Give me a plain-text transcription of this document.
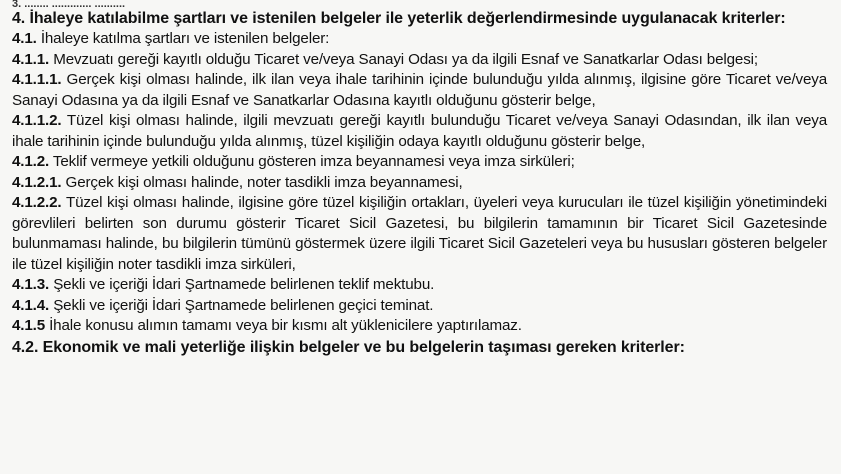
3. ........ ............. ..........
4. İhaleye katılabilme şartları ve istenilen belgeler ile yeterlik değerlendirmesinde uygulanacak kriterler:
4.1. İhaleye katılma şartları ve istenilen belgeler:
4.1.1. Mevzuatı gereği kayıtlı olduğu Ticaret ve/veya Sanayi Odası ya da ilgili Esnaf ve Sanatkarlar Odası belgesi;
4.1.1.1. Gerçek kişi olması halinde, ilk ilan veya ihale tarihinin içinde bulunduğu yılda alınmış, ilgisine göre Ticaret ve/veya Sanayi Odasına ya da ilgili Esnaf ve Sanatkarlar Odasına kayıtlı olduğunu gösterir belge,
4.1.1.2. Tüzel kişi olması halinde, ilgili mevzuatı gereği kayıtlı bulunduğu Ticaret ve/veya Sanayi Odasından, ilk ilan veya ihale tarihinin içinde bulunduğu yılda alınmış, tüzel kişiliğin odaya kayıtlı olduğunu gösterir belge,
4.1.2. Teklif vermeye yetkili olduğunu gösteren imza beyannamesi veya imza sirküleri;
4.1.2.1. Gerçek kişi olması halinde, noter tasdikli imza beyannamesi,
4.1.2.2. Tüzel kişi olması halinde, ilgisine göre tüzel kişiliğin ortakları, üyeleri veya kurucuları ile tüzel kişiliğin yönetimindeki görevlileri belirten son durumu gösterir Ticaret Sicil Gazetesi, bu bilgilerin tamamının bir Ticaret Sicil Gazetesinde bulunmaması halinde, bu bilgilerin tümünü göstermek üzere ilgili Ticaret Sicil Gazeteleri veya bu hususları gösteren belgeler ile tüzel kişiliğin noter tasdikli imza sirküleri,
4.1.3. Şekli ve içeriği İdari Şartnamede belirlenen teklif mektubu.
4.1.4. Şekli ve içeriği İdari Şartnamede belirlenen geçici teminat.
4.1.5 İhale konusu alımın tamamı veya bir kısmı alt yüklenicilere yaptırılamaz.
4.2. Ekonomik ve mali yeterliğe ilişkin belgeler ve bu belgelerin taşıması gereken kriterler:
